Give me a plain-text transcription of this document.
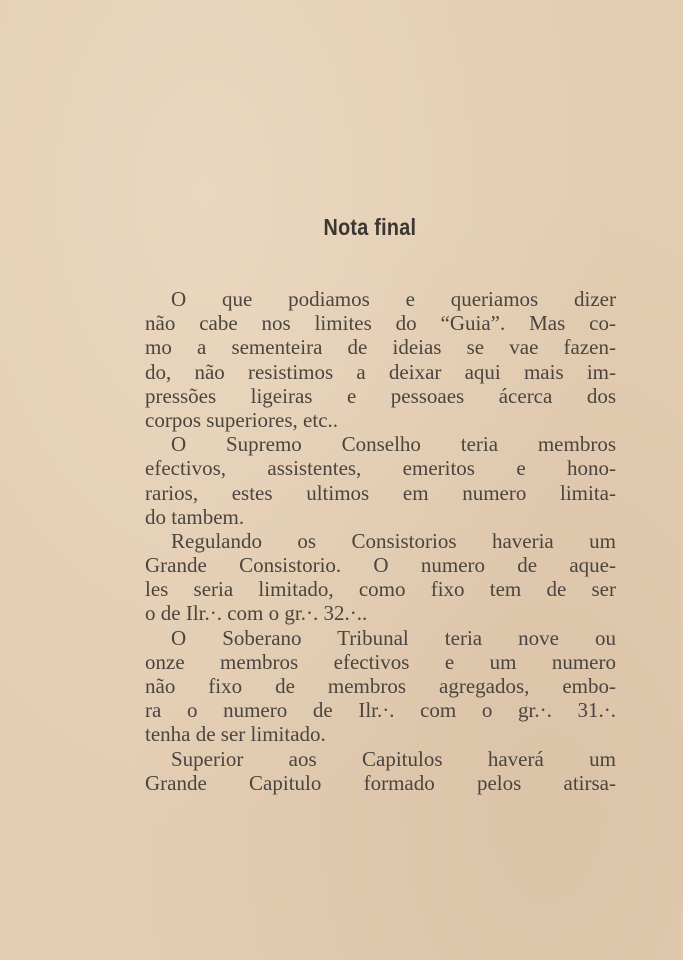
Nota final
O que podiamos e queriamos dizer
não cabe nos limites do “Guia”. Mas co-
mo a sementeira de ideias se vae fazen-
do, não resistimos a deixar aqui mais im-
pressões ligeiras e pessoaes ácerca dos
corpos superiores, etc..
O Supremo Conselho teria membros
efectivos, assistentes, emeritos e hono-
rarios, estes ultimos em numero limita-
do tambem.
Regulando os Consistorios haveria um
Grande Consistorio. O numero de aque-
les seria limitado, como fixo tem de ser
o de Ilr.·. com o gr.·. 32.·..
O Soberano Tribunal teria nove ou
onze membros efectivos e um numero
não fixo de membros agregados, embo-
ra o numero de Ilr.·. com o gr.·. 31.·.
tenha de ser limitado.
Superior aos Capitulos haverá um
Grande Capitulo formado pelos atirsa-
